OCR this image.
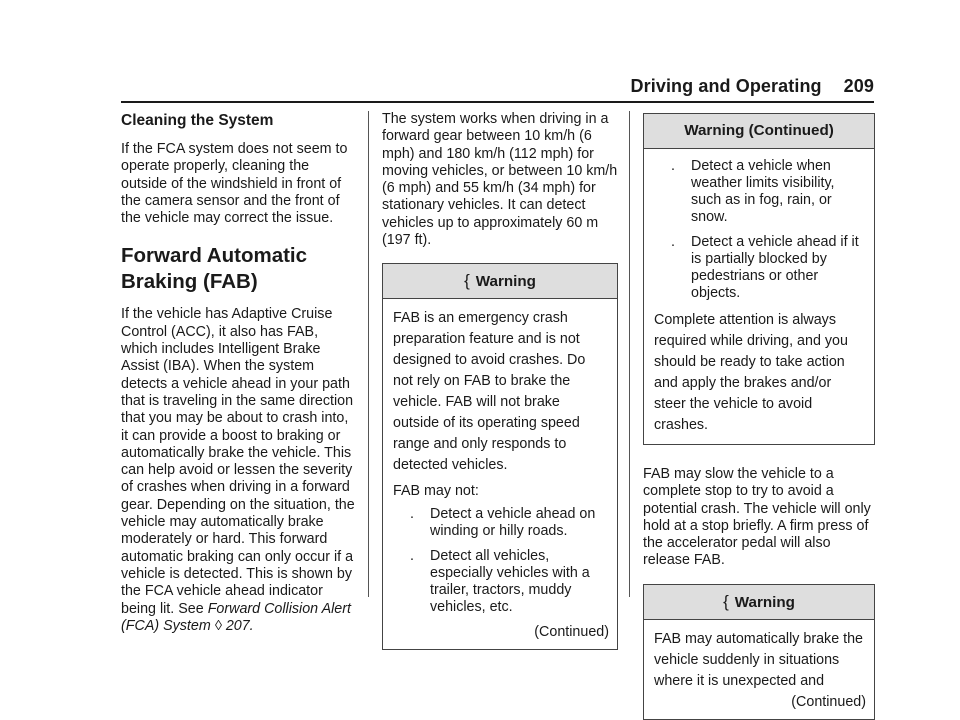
Driving and Operating 209
Cleaning the System

If the FCA system does not seem to operate properly, cleaning the outside of the windshield in front of the camera sensor and the front of the vehicle may correct the issue.

Forward Automatic Braking (FAB)

If the vehicle has Adaptive Cruise Control (ACC), it also has FAB, which includes Intelligent Brake Assist (IBA). When the system detects a vehicle ahead in your path that is traveling in the same direction that you may be about to crash into, it can provide a boost to braking or automatically brake the vehicle. This can help avoid or lessen the severity of crashes when driving in a forward gear. Depending on the situation, the vehicle may automatically brake moderately or hard. This forward automatic braking can only occur if a vehicle is detected. This is shown by the FCA vehicle ahead indicator being lit. See Forward Collision Alert (FCA) System ◊ 207.

The system works when driving in a forward gear between 10 km/h (6 mph) and 180 km/h (112 mph) for moving vehicles, or between 10 km/h (6 mph) and 55 km/h (34 mph) for stationary vehicles. It can detect vehicles up to approximately 60 m (197 ft).

{ Warning

FAB is an emergency crash preparation feature and is not designed to avoid crashes. Do not rely on FAB to brake the vehicle. FAB will not brake outside of its operating speed range and only responds to detected vehicles.

FAB may not:

. Detect a vehicle ahead on winding or hilly roads.
. Detect all vehicles, especially vehicles with a trailer, tractors, muddy vehicles, etc.
(Continued)
Warning (Continued)
. Detect a vehicle when weather limits visibility, such as in fog, rain, or snow.
. Detect a vehicle ahead if it is partially blocked by pedestrians or other objects.

Complete attention is always required while driving, and you should be ready to take action and apply the brakes and/or steer the vehicle to avoid crashes.

FAB may slow the vehicle to a complete stop to try to avoid a potential crash. The vehicle will only hold at a stop briefly. A firm press of the accelerator pedal will also release FAB.

{ Warning

FAB may automatically brake the vehicle suddenly in situations where it is unexpected and

(Continued)
